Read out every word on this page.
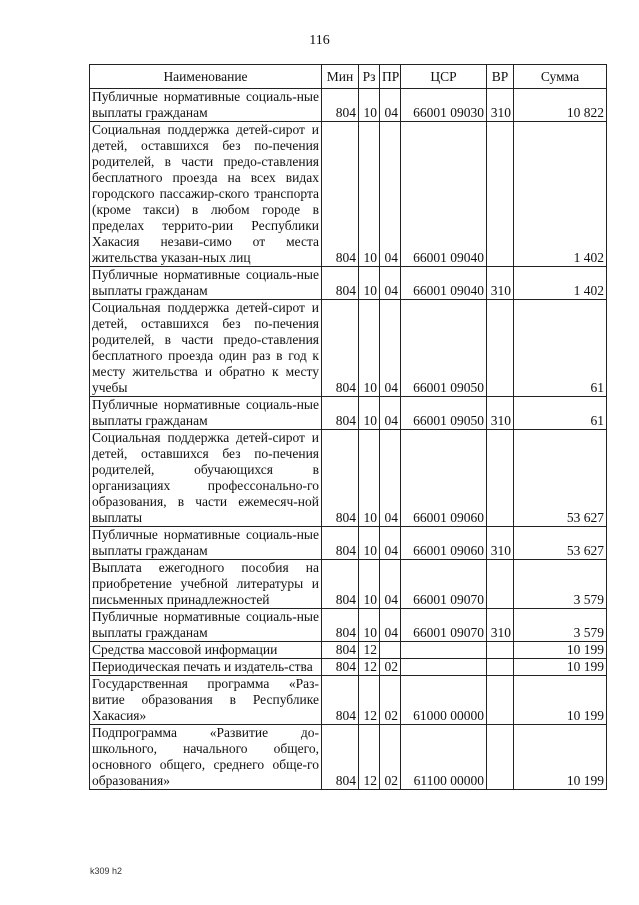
116
Наименование	Мин	Рз	ПР	ЦСР	ВР	Сумма
Публичные нормативные социаль-ные выплаты гражданам	804	10	04	66001 09030	310	10 822
Социальная поддержка детей-сирот и детей, оставшихся без по-печения родителей, в части предо-ставления бесплатного проезда на всех видах городского пассажир-ского транспорта (кроме такси) в любом городе в пределах террито-рии Республики Хакасия незави-симо от места жительства указан-ных лиц	804	10	04	66001 09040		1 402
Публичные нормативные социаль-ные выплаты гражданам	804	10	04	66001 09040	310	1 402
Социальная поддержка детей-сирот и детей, оставшихся без по-печения родителей, в части предо-ставления бесплатного проезда один раз в год к месту жительства и обратно к месту учебы	804	10	04	66001 09050		61
Публичные нормативные социаль-ные выплаты гражданам	804	10	04	66001 09050	310	61
Социальная поддержка детей-сирот и детей, оставшихся без по-печения родителей, обучающихся в организациях профессонально-го образования, в части ежемесяч-ной выплаты	804	10	04	66001 09060		53 627
Публичные нормативные социаль-ные выплаты гражданам	804	10	04	66001 09060	310	53 627
Выплата ежегодного пособия на приобретение учебной литературы и письменных принадлежностей	804	10	04	66001 09070		3 579
Публичные нормативные социаль-ные выплаты гражданам	804	10	04	66001 09070	310	3 579
Средства массовой информации	804	12				10 199
Периодическая печать и издатель-ства	804	12	02			10 199
Государственная программа «Раз-витие образования в Республике Хакасия»	804	12	02	61000 00000		10 199
Подпрограмма «Развитие до-школьного, начального общего, основного общего, среднего обще-го образования»	804	12	02	61100 00000		10 199
k309 h2
